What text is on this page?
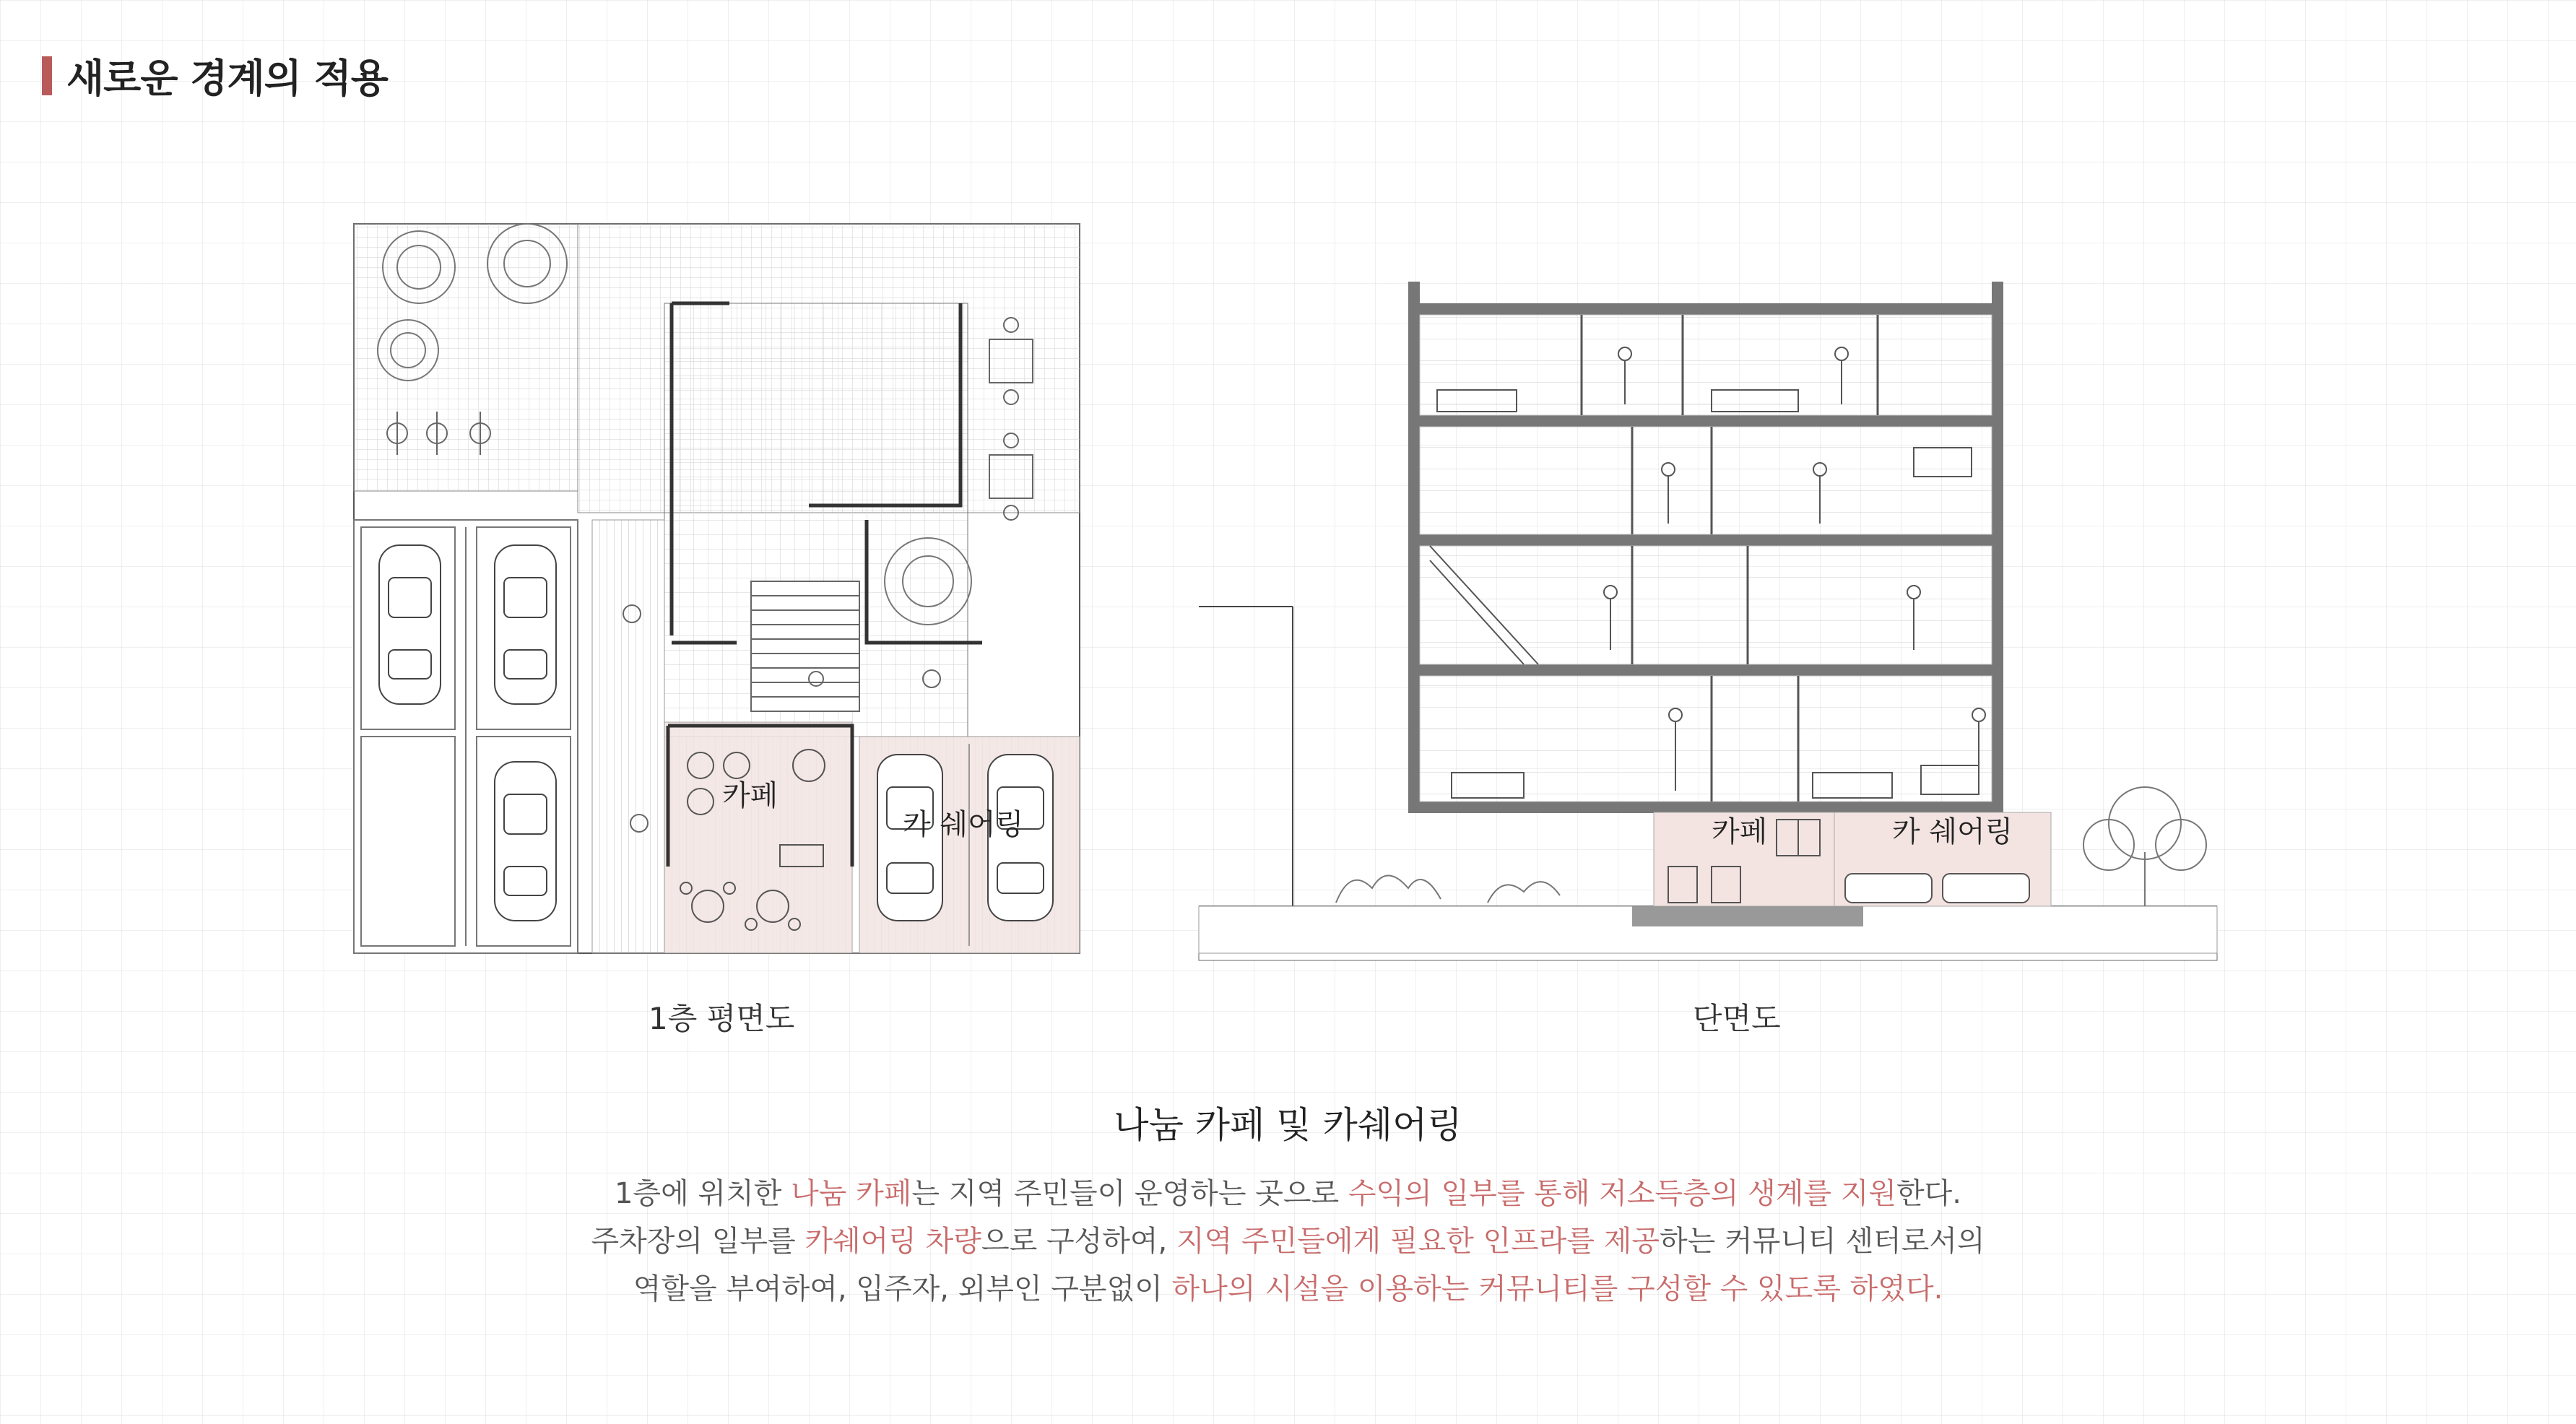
새로운 경계의 적용
카페
카 쉐어링
1층 평면도
카페	카 쉐어링
단면도
나눔 카페 및 카쉐어링
1층에 위치한 나눔 카페는 지역 주민들이 운영하는 곳으로 수익의 일부를 통해 저소득층의 생계를 지원한다.
주차장의 일부를 카쉐어링 차량으로 구성하여, 지역 주민들에게 필요한 인프라를 제공하는 커뮤니티 센터로서의
역할을 부여하여, 입주자, 외부인 구분없이 하나의 시설을 이용하는 커뮤니티를 구성할 수 있도록 하였다.
